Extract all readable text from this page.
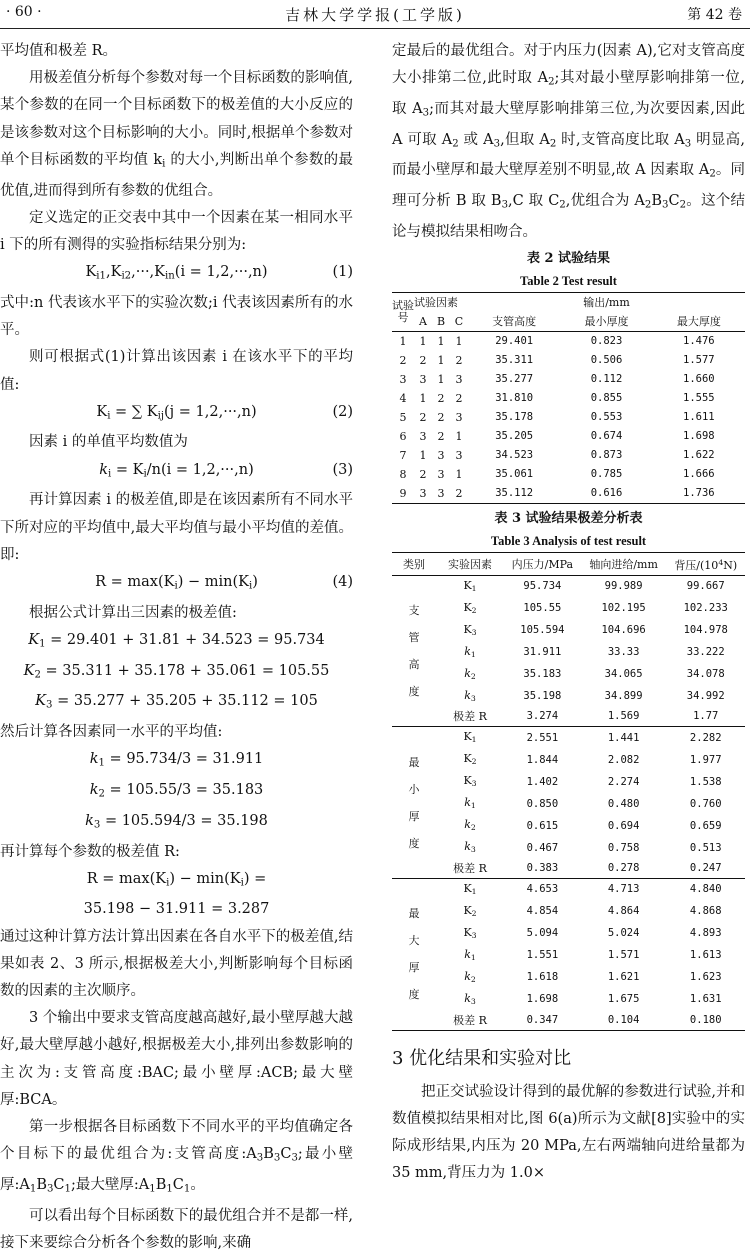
· 60 ·	吉林大学学报(工学版)	第 42 卷

平均值和极差 R。

用极差值分析每个参数对每一个目标函数的影响值,某个参数的在同一个目标函数下的极差值的大小反应的是该参数对这个目标影响的大小。同时,根据单个参数对单个目标函数的平均值 $k_i$ 的大小,判断出单个参数的最优值,进而得到所有参数的优组合。

定义选定的正交表中其中一个因素在某一相同水平 i 下的所有测得的实验指标结果分别为:

$K_{i1},K_{i2},\cdot\cdot\cdot,K_{in}(i = 1,2,\cdot\cdot\cdot,n)$	(1)

式中:n 代表该水平下的实验次数;i 代表该因素所有的水平。

则可根据式(1)计算出该因素 i 在该水平下的平均值:

$K_i$ = ∑ $K_{ij}(j = 1,2,\cdot\cdot\cdot,n)$	(2)

因素 i 的单值平均数值为

$k_i = K_i/n(i = 1,2,\cdot\cdot\cdot,n)$	(3)

再计算因素 i 的极差值,即是在该因素所有不同水平下所对应的平均值中,最大平均值与最小平均值的差值。即:

$R = \max(K_i) - \min(K_i)$	(4)

根据公式计算出三因素的极差值:

$K_1 = 29.401 + 31.81 + 34.523 = 95.734$

$K_2 = 35.311 + 35.178 + 35.061 = 105.55$

$K_3 = 35.277 + 35.205 + 35.112 = 105$

然后计算各因素同一水平的平均值:

$k_1 = 95.734/3 = 31.911$

$k_2 = 105.55/3 = 35.183$

$k_3 = 105.594/3 = 35.198$

再计算每个参数的极差值 R:

$R = \max(K_i) - \min(K_i)$ =

35.198 − 31.911 = 3.287

通过这种计算方法计算出因素在各自水平下的极差值,结果如表 2、3 所示,根据极差大小,判断影响每个目标函数的因素的主次顺序。

3 个输出中要求支管高度越高越好,最小壁厚越大越好,最大壁厚越小越好,根据极差大小,排列出参数影响的主次为:支管高度:BAC;最小壁厚:ACB;最大壁厚:BCA。

第一步根据各目标函数下不同水平的平均值确定各个目标下的最优组合为:支管高度$:A_3B_3C_3$;最小壁厚$:A_1B_3C_1$;最大壁厚$:A_1B_1C_1$。

可以看出每个目标函数下的最优组合并不是都一样,接下来要综合分析各个参数的影响,来确

定最后的最优组合。对于内压力(因素 A),它对支管高度大小排第二位,此时取 $A_2$;其对最小壁厚影响排第一位,取 $A_3$;而其对最大壁厚影响排第三位,为次要因素,因此 A 可取 $A_2$ 或 $A_3$,但取 $A_2$ 时,支管高度比取 $A_3$ 明显高,而最小壁厚和最大壁厚差别不明显,故 A 因素取 $A_2$。同理可分析 B 取 $B_3,C$ 取 $C_2$,优组合为 $A_2B_3C_2$。这个结论与模拟结果相吻合。

表 2 试验结果

Table 2 Test result

试验号	试验因素			输出/mm		
	A	B	C	支管高度	最小厚度	最大厚度
1	1	1	1	29.401	0.823	1.476
2	2	1	2	35.311	0.506	1.577
3	3	1	3	35.277	0.112	1.660
4	1	2	2	31.810	0.855	1.555
5	2	2	3	35.178	0.553	1.611
6	3	2	1	35.205	0.674	1.698
7	1	3	3	34.523	0.873	1.622
8	2	3	1	35.061	0.785	1.666
9	3	3	2	35.112	0.616	1.736

表 3 试验结果极差分析表

Table 3 Analysis of test result

类别	实验因素	内压力/MPa	轴向进给/mm	背压$/(10^4N)$

支
管
高
度	$K_1$	95.734	99.989	99.667
	$K_2$	105.55	102.195	102.233
	$K_3$	105.594	104.696	104.978
	$k_1$	31.911	33.33	33.222
	$k_2$	35.183	34.065	34.078
	$k_3$	35.198	34.899	34.992
	极差 R	3.274	1.569	1.77

最
小
厚
度	$K_1$	2.551	1.441	2.282
	$K_2$	1.844	2.082	1.977
	$K_3$	1.402	2.274	1.538
	$k_1$	0.850	0.480	0.760
	$k_2$	0.615	0.694	0.659
	$k_3$	0.467	0.758	0.513
	极差 R	0.383	0.278	0.247

最
大
厚
度	$K_1$	4.653	4.713	4.840
	$K_2$	4.854	4.864	4.868
	$K_3$	5.094	5.024	4.893
	$k_1$	1.551	1.571	1.613
	$k_2$	1.618	1.621	1.623
	$k_3$	1.698	1.675	1.631
	极差 R	0.347	0.104	0.180

3 优化结果和实验对比

把正交试验设计得到的最优解的参数进行试验,并和数值模拟结果相对比,图 6(a)所示为文献[8]实验中的实际成形结果,内压为 20 MPa,左右两端轴向进给量都为 35 mm,背压力为 1.0×
